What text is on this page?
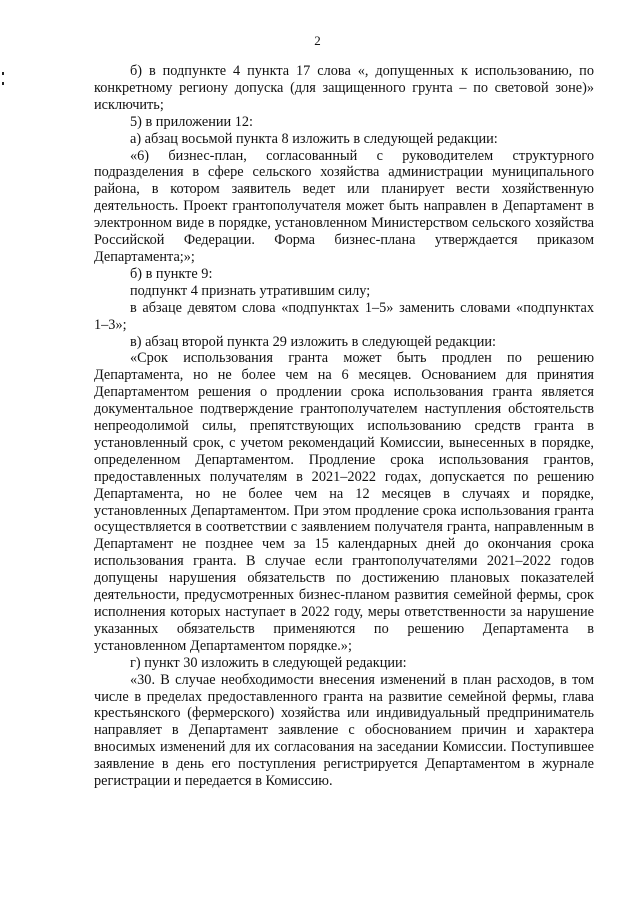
2

б) в подпункте 4 пункта 17 слова «, допущенных к использованию, по конкретному региону допуска (для защищенного грунта – по световой зоне)» исключить;

5) в приложении 12:

а) абзац восьмой пункта 8 изложить в следующей редакции:

«6) бизнес-план, согласованный с руководителем структурного подразделения в сфере сельского хозяйства администрации муниципального района, в котором заявитель ведет или планирует вести хозяйственную деятельность. Проект грантополучателя может быть направлен в Департамент в электронном виде в порядке, установленном Министерством сельского хозяйства Российской Федерации. Форма бизнес-плана утверждается приказом Департамента;»;

б) в пункте 9:

подпункт 4 признать утратившим силу;

в абзаце девятом слова «подпунктах 1–5» заменить словами «подпунктах 1–3»;

в) абзац второй пункта 29 изложить в следующей редакции:

«Срок использования гранта может быть продлен по решению Департамента, но не более чем на 6 месяцев. Основанием для принятия Департаментом решения о продлении срока использования гранта является документальное подтверждение грантополучателем наступления обстоятельств непреодолимой силы, препятствующих использованию средств гранта в установленный срок, с учетом рекомендаций Комиссии, вынесенных в порядке, определенном Департаментом. Продление срока использования грантов, предоставленных получателям в 2021–2022 годах, допускается по решению Департамента, но не более чем на 12 месяцев в случаях и порядке, установленных Департаментом. При этом продление срока использования гранта осуществляется в соответствии с заявлением получателя гранта, направленным в Департамент не позднее чем за 15 календарных дней до окончания срока использования гранта. В случае если грантополучателями 2021–2022 годов допущены нарушения обязательств по достижению плановых показателей деятельности, предусмотренных бизнес-планом развития семейной фермы, срок исполнения которых наступает в 2022 году, меры ответственности за нарушение указанных обязательств применяются по решению Департамента в установленном Департаментом порядке.»;

г) пункт 30 изложить в следующей редакции:

«30. В случае необходимости внесения изменений в план расходов, в том числе в пределах предоставленного гранта на развитие семейной фермы, глава крестьянского (фермерского) хозяйства или индивидуальный предприниматель направляет в Департамент заявление с обоснованием причин и характера вносимых изменений для их согласования на заседании Комиссии. Поступившее заявление в день его поступления регистрируется Департаментом в журнале регистрации и передается в Комиссию.
